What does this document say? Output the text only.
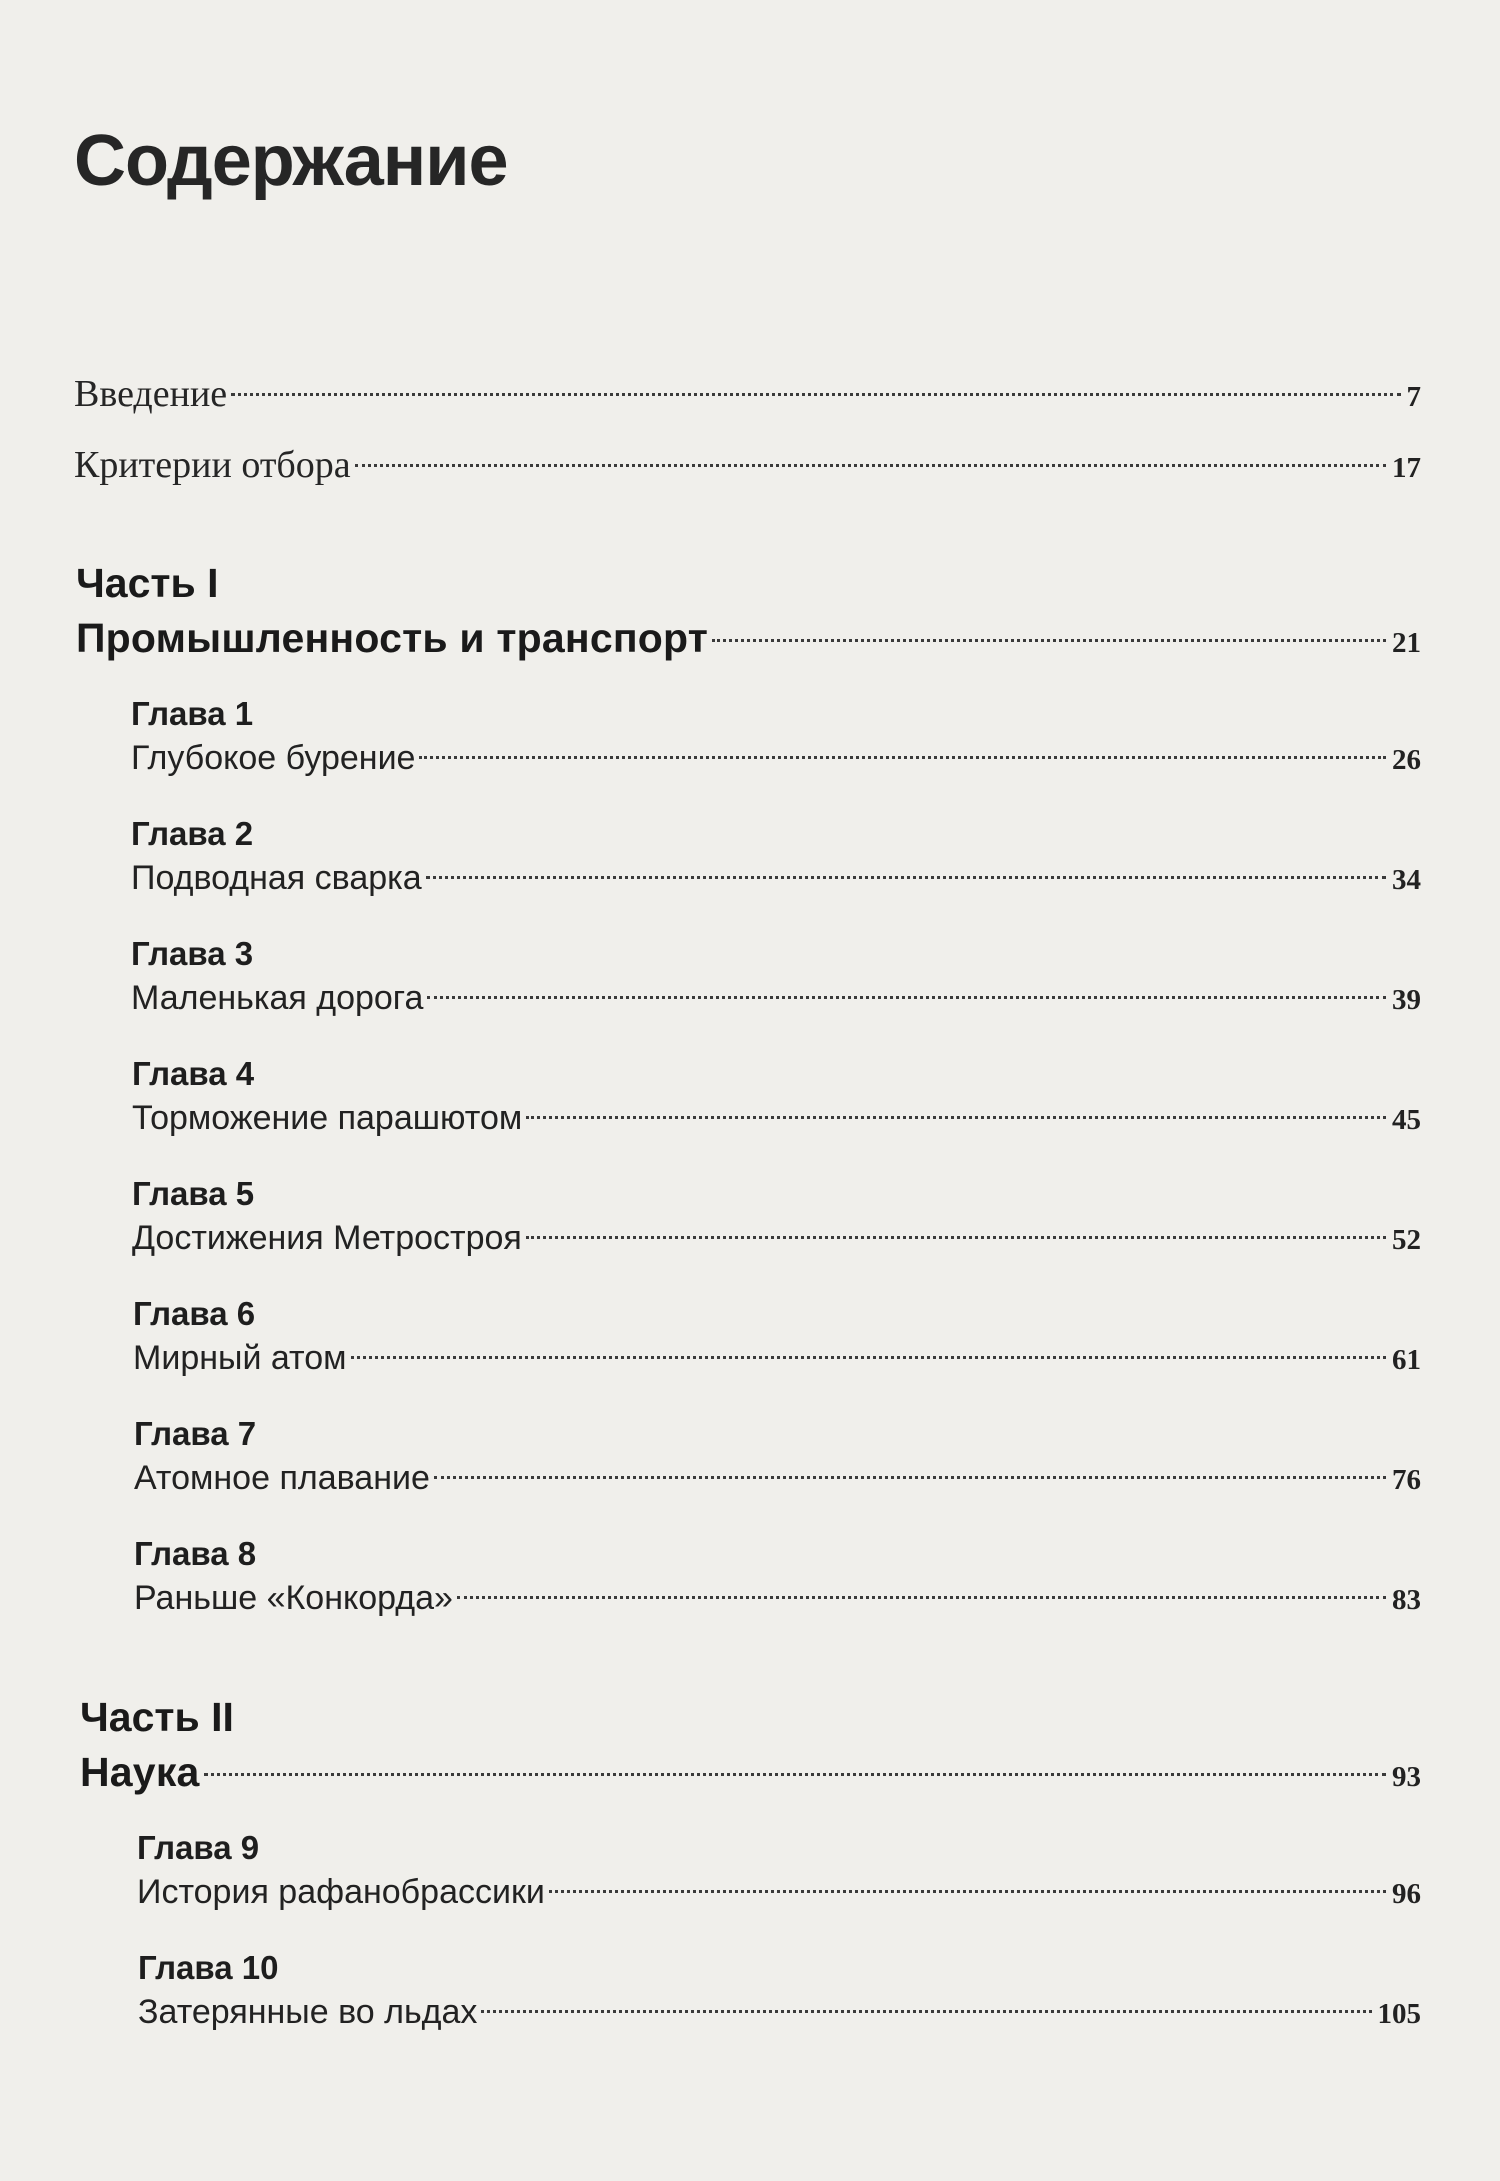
Содержание
Введение	7
Критерии отбора	17
Часть I
Промышленность и транспорт	21
Глава 1
Глубокое бурение	26
Глава 2
Подводная сварка	34
Глава 3
Маленькая дорога	39
Глава 4
Торможение парашютом	45
Глава 5
Достижения Метростроя	52
Глава 6
Мирный атом	61
Глава 7
Атомное плавание	76
Глава 8
Раньше «Конкорда»	83
Часть II
Наука	93
Глава 9
История рафанобрассики	96
Глава 10
Затерянные во льдах	105
